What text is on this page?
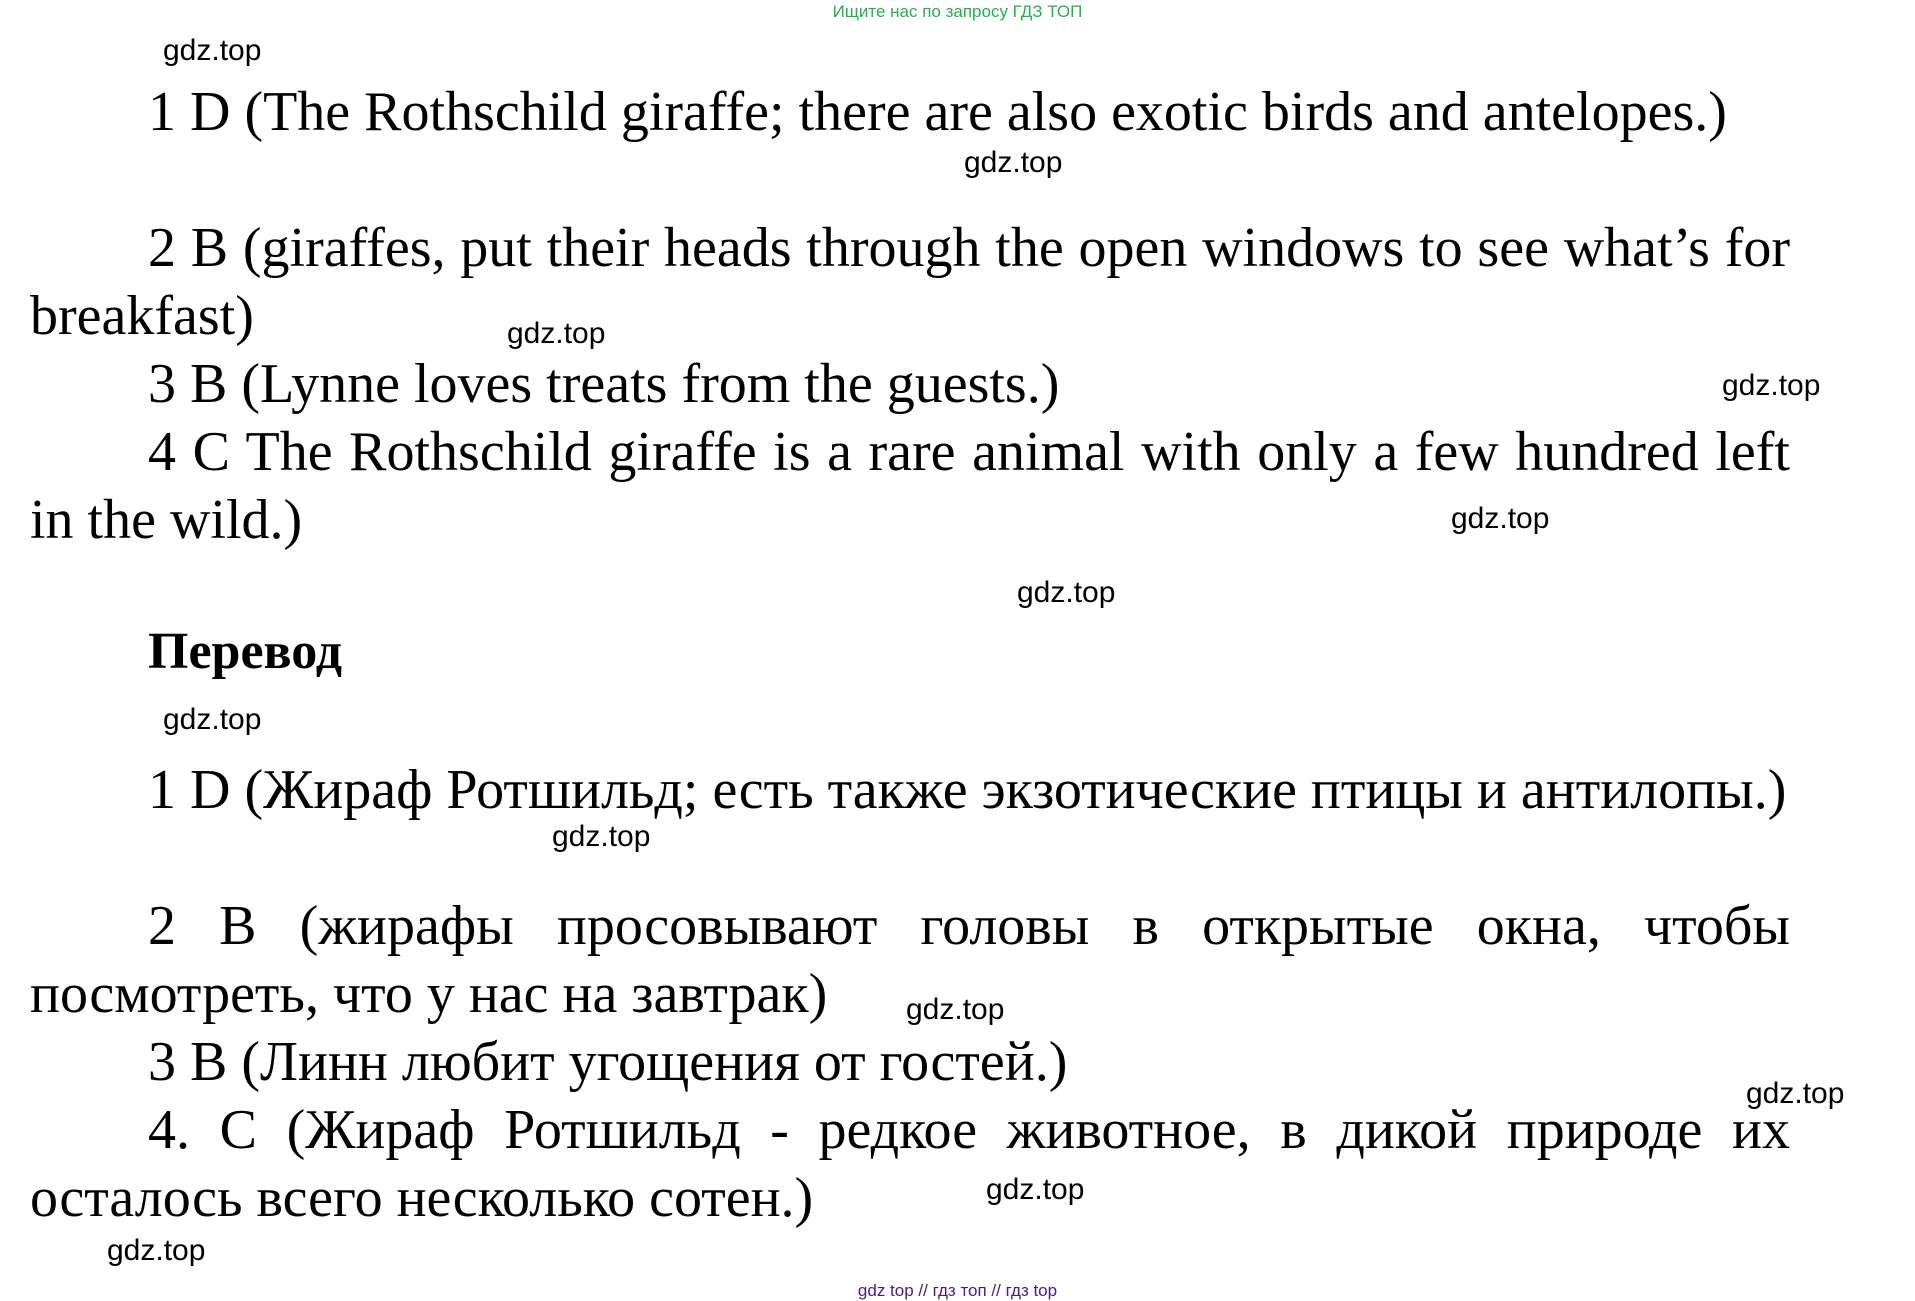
Ищите нас по запросу ГДЗ ТОП

1 D (The Rothschild giraffe; there are also exotic birds and antelopes.)

2 B (giraffes, put their heads through the open windows to see what’s for breakfast)

3 B (Lynne loves treats from the guests.)

4 C The Rothschild giraffe is a rare animal with only a few hundred left in the wild.)

Перевод

1 D (Жираф Ротшильд; есть также экзотические птицы и антилопы.)

2 B (жирафы просовывают головы в открытые окна, чтобы посмотреть, что у нас на завтрак)

3 B (Линн любит угощения от гостей.)

4. C (Жираф Ротшильд - редкое животное, в дикой природе их осталось всего несколько сотен.)

gdz.top
gdz.top
gdz.top
gdz.top
gdz.top
gdz.top
gdz.top
gdz.top
gdz.top
gdz.top
gdz.top
gdz.top
gdz top // гдз топ // гдз top
